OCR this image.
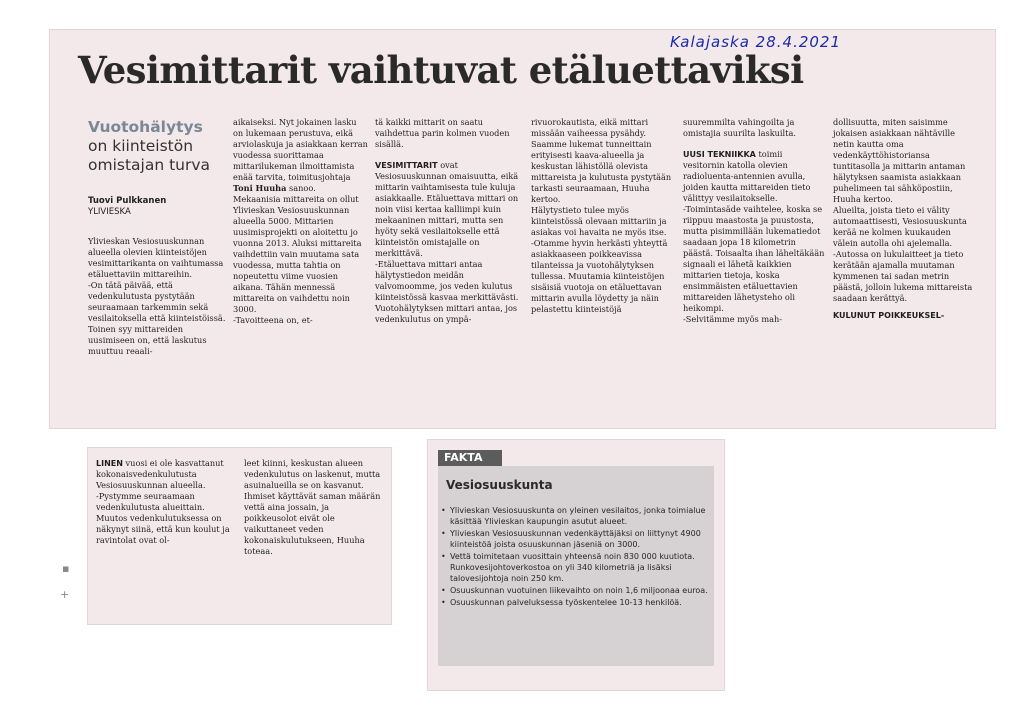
Kalajaska 28.4.2021
Vesimittarit vaihtuvat etäluettaviksi
Vuotohälytys
on kiinteistön omistajan turva
Tuovi Pulkkanen
YLIVIESKA
Ylivieskan Vesiosuuskunnan alueella olevien kiinteistöjen vesimittarikanta on vaihtumassa etäluettaviin mittareihin.
-On tätä päivää, että vedenkulutusta pystytään seuraamaan tarkemmin sekä vesilaitoksella että kiinteistöissä. Toinen syy mittareiden uusimiseen on, että laskutus muuttuu reaali-

aikaiseksi. Nyt jokainen lasku on lukemaan perustuva, eikä arviolaskuja ja asiakkaan kerran vuodessa suorittamaa mittarilukeman ilmoittamista enää tarvita, toimitusjohtaja Toni Huuha sanoo.

Mekaanisia mittareita on ollut Ylivieskan Vesiosuuskunnan alueella 5000. Mittarien uusimisprojekti on aloitettu jo vuonna 2013. Aluksi mittareita vaihdettiin vain muutama sata vuodessa, mutta tahtia on nopeutettu viime vuosien aikana. Tähän mennessä mittareita on vaihdettu noin 3000.
-Tavoitteena on, et-

tä kaikki mittarit on saatu vaihdettua parin kolmen vuoden sisällä.

VESIMITTARIT ovat Vesiosuuskunnan omaisuutta, eikä mittarin vaihtamisesta tule kuluja asiakkaalle. Etäluettava mittari on noin viisi kertaa kalliimpi kuin mekaaninen mittari, mutta sen hyöty sekä vesilaitokselle että kiinteistön omistajalle on merkittävä.
-Etäluettava mittari antaa hälytystiedon meidän valvomoomme, jos veden kulutus kiinteistössä kasvaa merkittävästi. Vuotohälytyksen mittari antaa, jos vedenkulutus on ympä-

rivuorokautista, eikä mittari missään vaiheessa pysähdy. Saamme lukemat tunneittain erityisesti kaava-alueella ja keskustan lähistöllä olevista mittareista ja kulutusta pystytään tarkasti seuraamaan, Huuha kertoo.
Hälytystieto tulee myös kiinteistössä olevaan mittariin ja asiakas voi havaita ne myös itse.
-Otamme hyvin herkästi yhteyttä asiakkaaseen poikkeavissa tilanteissa ja vuotohälytyksen tullessa. Muutamia kiinteistöjen sisäisiä vuotoja on etäluettavan mittarin avulla löydetty ja näin pelastettu kiinteistöjä

suuremmilta vahingoilta ja omistajia suurilta laskuilta.

UUSI TEKNIIKKA toimii vesitornin katolla olevien radioluenta-antennien avulla, joiden kautta mittareiden tieto välittyy vesilaitokselle.
-Toimintasäde vaihtelee, koska se riippuu maastosta ja puustosta, mutta pisimmillään lukematiedot saadaan jopa 18 kilometrin päästä. Toisaalta ihan läheltäkään signaali ei lähetä kaikkien mittarien tietoja, koska ensimmäisten etäluettavien mittareiden lähetysteho oli heikompi.
-Selvitämme myös mah-

dollisuutta, miten saisimme jokaisen asiakkaan nähtäville netin kautta oma vedenkäyttöhistoriansa tuntitasolla ja mittarin antaman hälytyksen saamista asiakkaan puhelimeen tai sähköpostiin, Huuha kertoo.
Alueilta, joista tieto ei välity automaattisesti, Vesiosuuskunta kerää ne kolmen kuukauden välein autolla ohi ajelemalla.
-Autossa on lukulaitteet ja tieto kerätään ajamalla muutaman kymmenen tai sadan metrin päästä, jolloin lukema mittareista saadaan kerättyä.

KULUNUT POIKKEUKSEL-

LINEN vuosi ei ole kasvattanut kokonaisvedenkulutusta Vesiosuuskunnan alueella.
-Pystymme seuraamaan vedenkulutusta alueittain. Muutos vedenkulutuksessa on näkynyt siinä, että kun koulut ja ravintolat ovat ol-
leet kiinni, keskustan alueen vedenkulutus on laskenut, mutta asuinalueilla se on kasvanut. Ihmiset käyttävät saman määrän vettä aina jossain, ja poikkeusolot eivät ole vaikuttaneet veden kokonaiskulutukseen, Huuha toteaa.
▪
+
FAKTA
Vesiosuuskunta
• Ylivieskan Vesiosuuskunta on yleinen vesilaitos, jonka toimialue käsittää Ylivieskan kaupungin asutut alueet.
• Ylivieskan Vesiosuuskunnan vedenkäyttäjäksi on liittynyt 4900 kiinteistöä joista osuuskunnan jäseniä on 3000.
• Vettä toimitetaan vuosittain yhteensä noin 830 000 kuutiota. Runkovesijohtoverkostoa on yli 340 kilometriä ja lisäksi talovesijohtoja noin 250 km.
• Osuuskunnan vuotuinen liikevaihto on noin 1,6 miljoonaa euroa.
• Osuuskunnan palveluksessa työskentelee 10-13 henkilöä.
